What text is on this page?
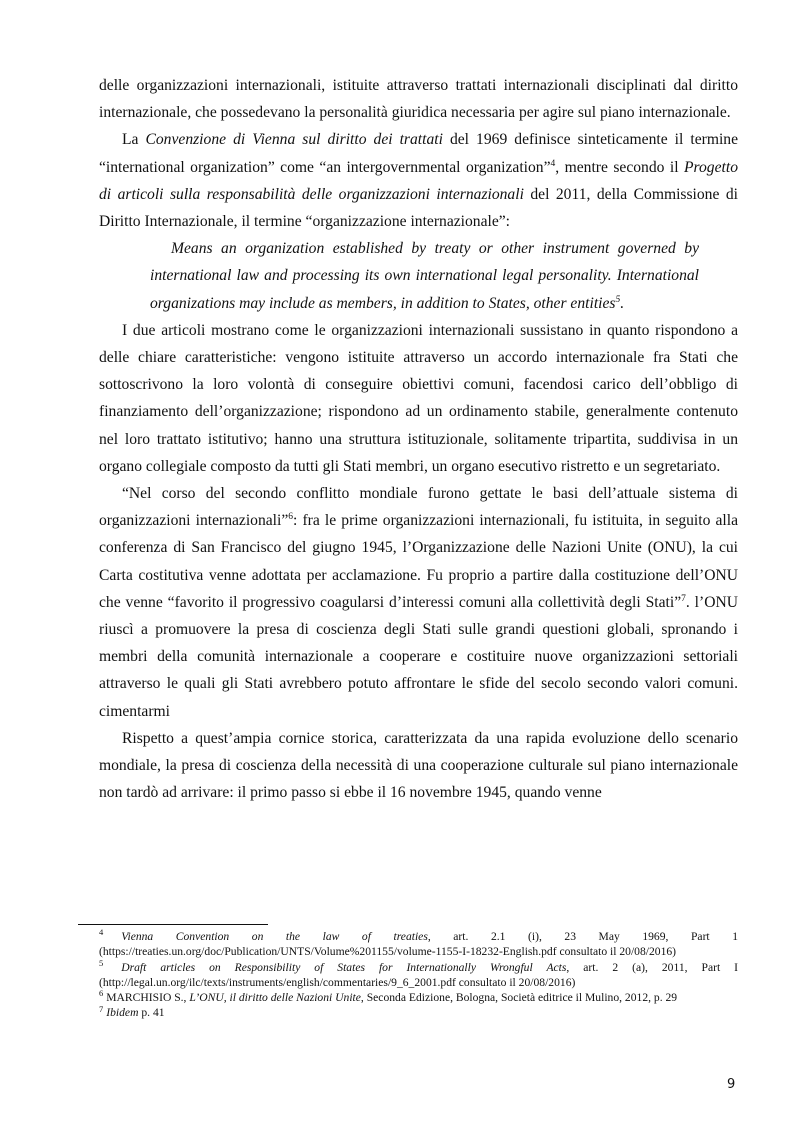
delle organizzazioni internazionali, istituite attraverso trattati internazionali disciplinati dal diritto internazionale, che possedevano la personalità giuridica necessaria per agire sul piano internazionale.

La Convenzione di Vienna sul diritto dei trattati del 1969 definisce sinteticamente il termine “international organization” come “an intergovernmental organization”$^4$, mentre secondo il Progetto di articoli sulla responsabilità delle organizzazioni internazionali del 2011, della Commissione di Diritto Internazionale, il termine “organizzazione internazionale”:

Means an organization established by treaty or other instrument governed by international law and processing its own international legal personality. International organizations may include as members, in addition to States, other entities$^5$.

I due articoli mostrano come le organizzazioni internazionali sussistano in quanto rispondono a delle chiare caratteristiche: vengono istituite attraverso un accordo internazionale fra Stati che sottoscrivono la loro volontà di conseguire obiettivi comuni, facendosi carico dell’obbligo di finanziamento dell’organizzazione; rispondono ad un ordinamento stabile, generalmente contenuto nel loro trattato istitutivo; hanno una struttura istituzionale, solitamente tripartita, suddivisa in un organo collegiale composto da tutti gli Stati membri, un organo esecutivo ristretto e un segretariato.

“Nel corso del secondo conflitto mondiale furono gettate le basi dell’attuale sistema di organizzazioni internazionali”$^6$: fra le prime organizzazioni internazionali, fu istituita, in seguito alla conferenza di San Francisco del giugno 1945, l’Organizzazione delle Nazioni Unite (ONU), la cui Carta costitutiva venne adottata per acclamazione. Fu proprio a partire dalla costituzione dell’ONU che venne “favorito il progressivo coagularsi d’interessi comuni alla collettività degli Stati”$^7$. l’ONU riuscì a promuovere la presa di coscienza degli Stati sulle grandi questioni globali, spronando i membri della comunità internazionale a cooperare e costituire nuove organizzazioni settoriali attraverso le quali gli Stati avrebbero potuto affrontare le sfide del secolo secondo valori comuni. cimentarmi

Rispetto a quest’ampia cornice storica, caratterizzata da una rapida evoluzione dello scenario mondiale, la presa di coscienza della necessità di una cooperazione culturale sul piano internazionale non tardò ad arrivare: il primo passo si ebbe il 16 novembre 1945, quando venne

$^4$ Vienna Convention on the law of treaties, art. 2.1 (i), 23 May 1969, Part 1 (https://treaties.un.org/doc/Publication/UNTS/Volume%201155/volume-1155-I-18232-English.pdf consultato il 20/08/2016)

$^5$ Draft articles on Responsibility of States for Internationally Wrongful Acts, art. 2 (a), 2011, Part I (http://legal.un.org/ilc/texts/instruments/english/commentaries/9_6_2001.pdf consultato il 20/08/2016)

$^6$ MARCHISIO S., L’ONU, il diritto delle Nazioni Unite, Seconda Edizione, Bologna, Società editrice il Mulino, 2012, p. 29

$^7$ Ibidem p. 41

9
